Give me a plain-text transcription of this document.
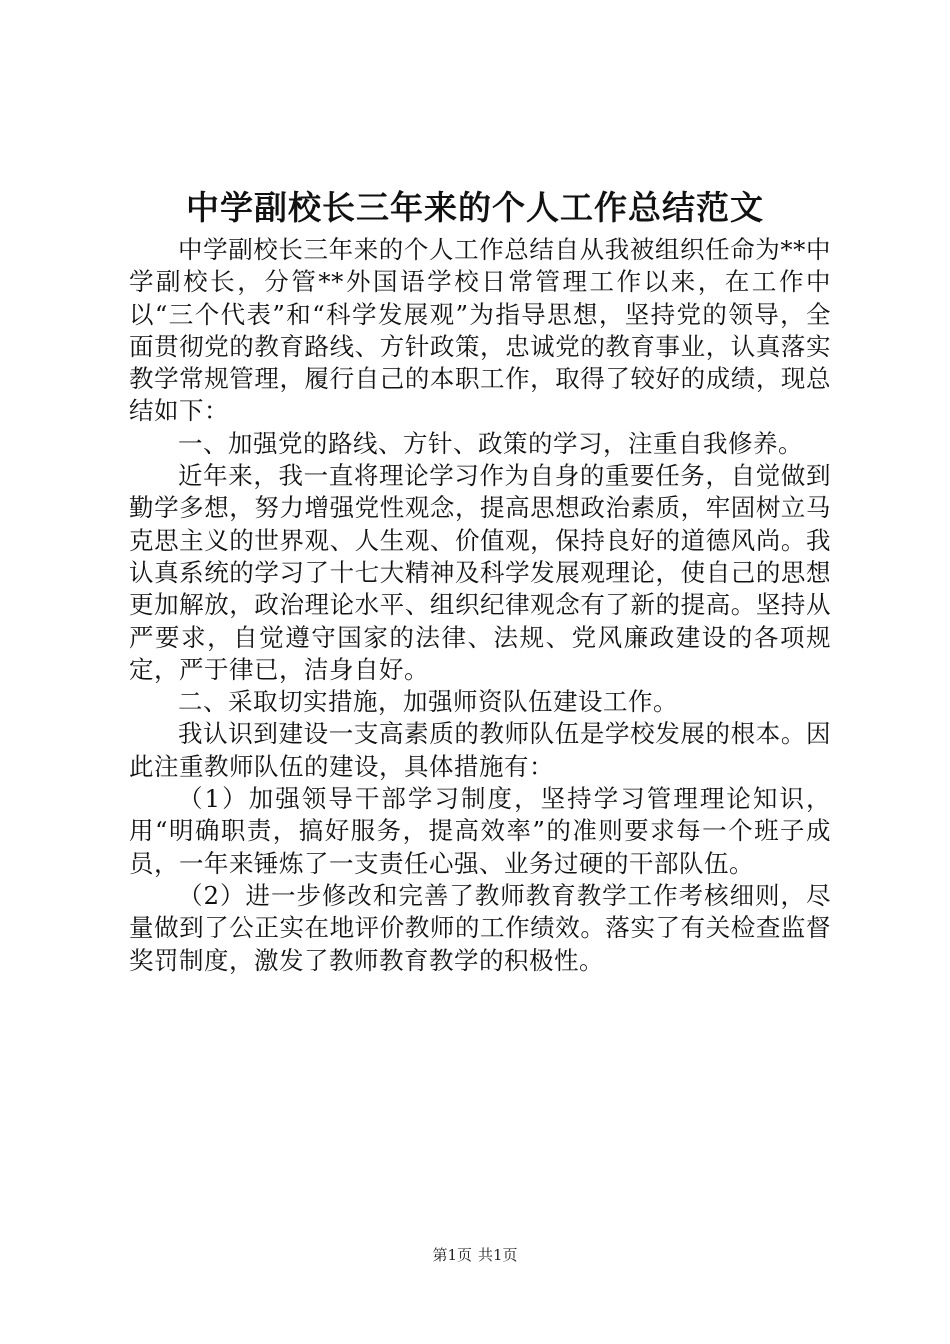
中学副校长三年来的个人工作总结范文

中学副校长三年来的个人工作总结自从我被组织任命为**中学副校长，分管**外国语学校日常管理工作以来，在工作中以“三个代表”和“科学发展观”为指导思想，坚持党的领导，全面贯彻党的教育路线、方针政策，忠诚党的教育事业，认真落实教学常规管理，履行自己的本职工作，取得了较好的成绩，现总结如下：

一、加强党的路线、方针、政策的学习，注重自我修养。

近年来，我一直将理论学习作为自身的重要任务，自觉做到勤学多想，努力增强党性观念，提高思想政治素质，牢固树立马克思主义的世界观、人生观、价值观，保持良好的道德风尚。我认真系统的学习了十七大精神及科学发展观理论，使自己的思想更加解放，政治理论水平、组织纪律观念有了新的提高。坚持从严要求，自觉遵守国家的法律、法规、党风廉政建设的各项规定，严于律已，洁身自好。

二、采取切实措施，加强师资队伍建设工作。

我认识到建设一支高素质的教师队伍是学校发展的根本。因此注重教师队伍的建设，具体措施有：

（1）加强领导干部学习制度，坚持学习管理理论知识，用“明确职责，搞好服务，提高效率”的准则要求每一个班子成员，一年来锤炼了一支责任心强、业务过硬的干部队伍。

（2）进一步修改和完善了教师教育教学工作考核细则，尽量做到了公正实在地评价教师的工作绩效。落实了有关检查监督奖罚制度，激发了教师教育教学的积极性。

第1页 共1页
